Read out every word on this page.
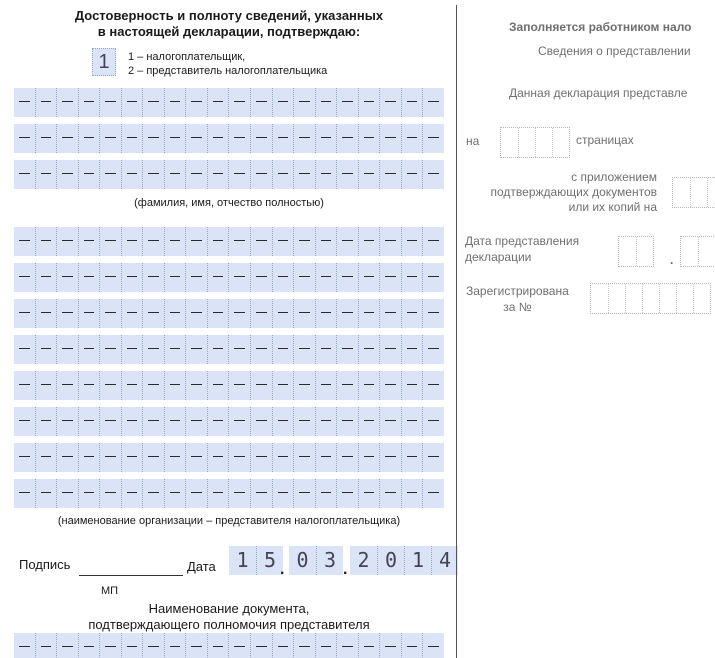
Достоверность и полноту сведений, указанных
в настоящей декларации, подтверждаю:
1	1 – налогоплательщик,
2 – представитель налогоплательщика
(фамилия, имя, отчество полностью)
(наименование организации – представителя налогоплательщика)
Подпись	Дата
МП
1 5 . 0 3 . 2 0 1 4
Наименование документа,
подтверждающего полномочия представителя
Заполняется работником нало
Сведения о представлении
Данная декларация представле
на	страницах
с приложением
подтверждающих документов
или их копий на
Дата представления
декларации	.
Зарегистрирована
за №
